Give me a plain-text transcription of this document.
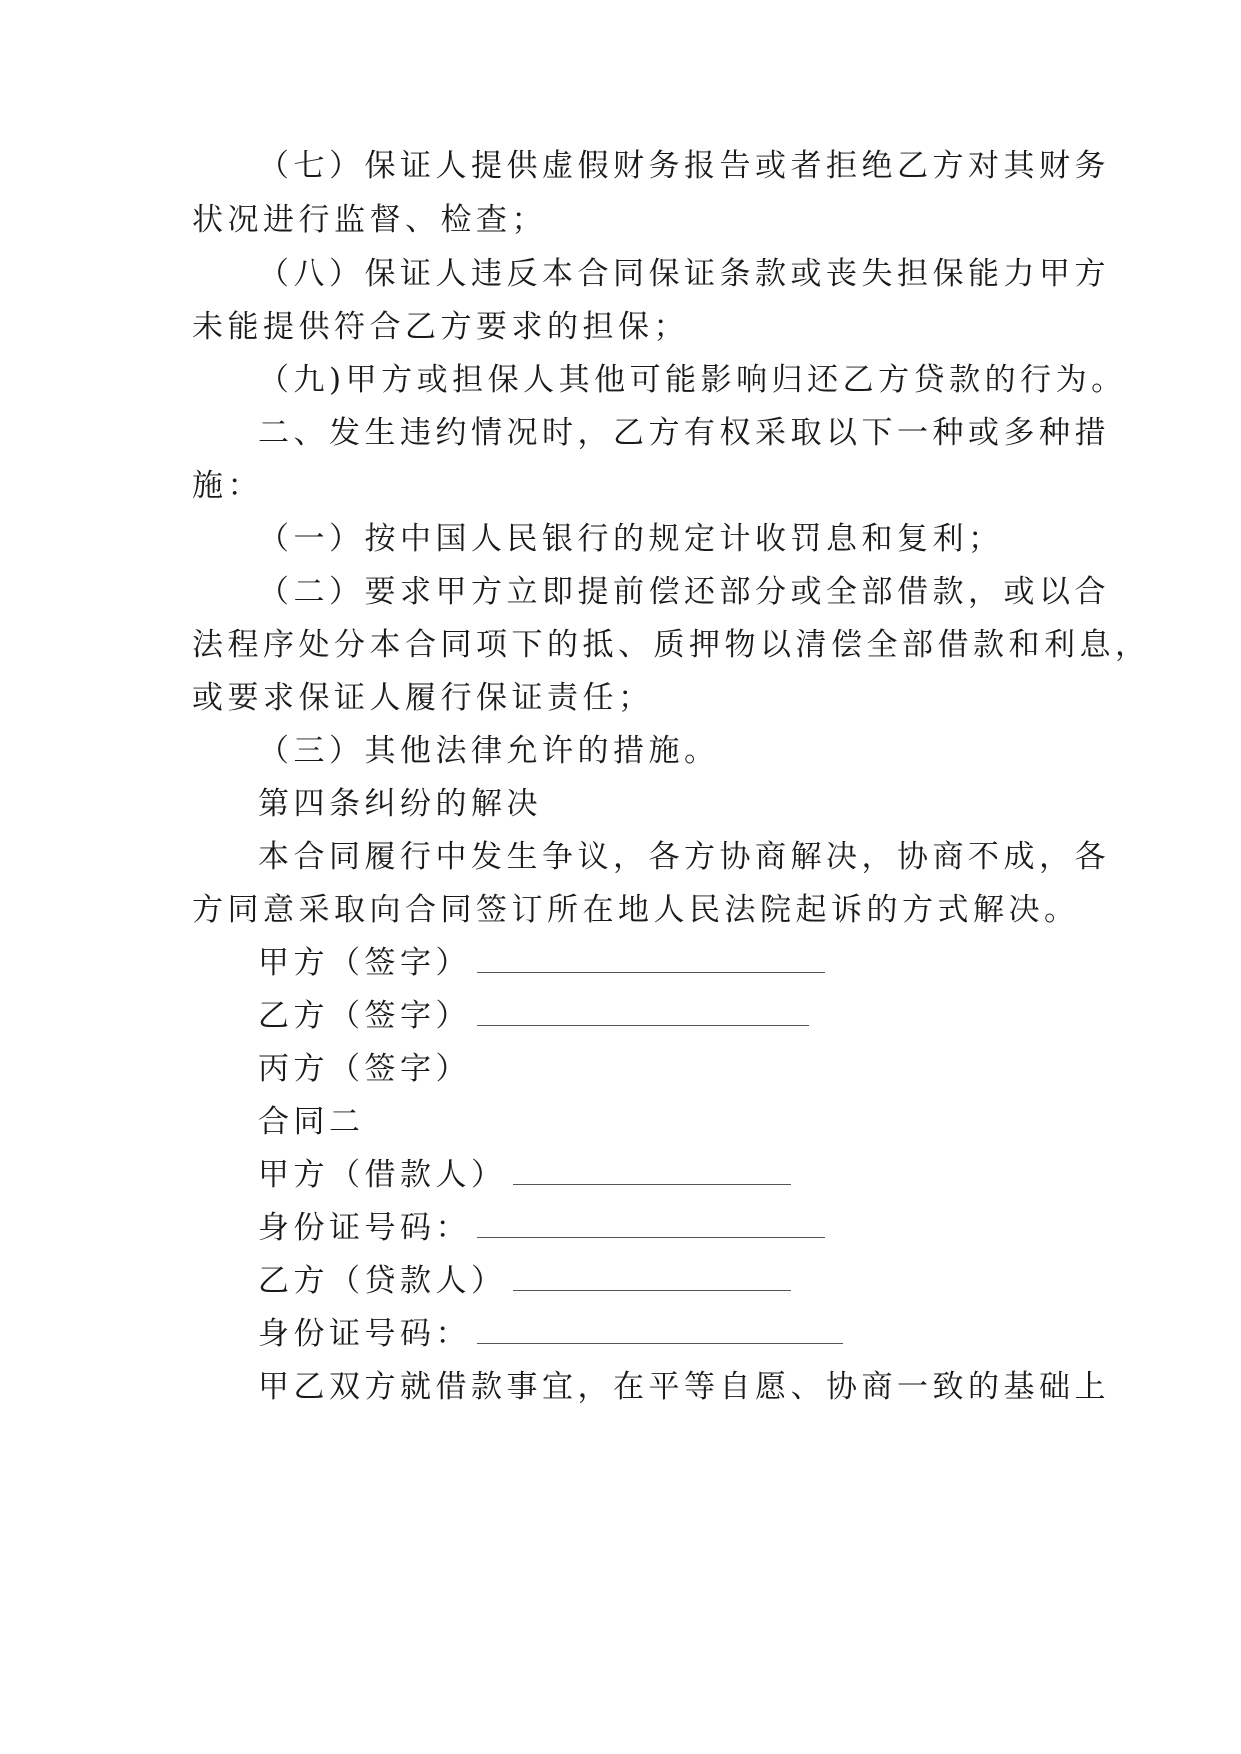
（七）保证人提供虚假财务报告或者拒绝乙方对其财务
状况进行监督、检查；
（八）保证人违反本合同保证条款或丧失担保能力甲方
未能提供符合乙方要求的担保；
（九)甲方或担保人其他可能影响归还乙方贷款的行为。
二、发生违约情况时，乙方有权采取以下一种或多种措
施：
（一）按中国人民银行的规定计收罚息和复利；
（二）要求甲方立即提前偿还部分或全部借款，或以合
法程序处分本合同项下的抵、质押物以清偿全部借款和利息，
或要求保证人履行保证责任；
（三）其他法律允许的措施。
第四条纠纷的解决
本合同履行中发生争议，各方协商解决，协商不成，各
方同意采取向合同签订所在地人民法院起诉的方式解决。
甲方（签字）
乙方（签字）
丙方（签字）
合同二
甲方（借款人）
身份证号码：
乙方（贷款人）
身份证号码：
甲乙双方就借款事宜，在平等自愿、协商一致的基础上
